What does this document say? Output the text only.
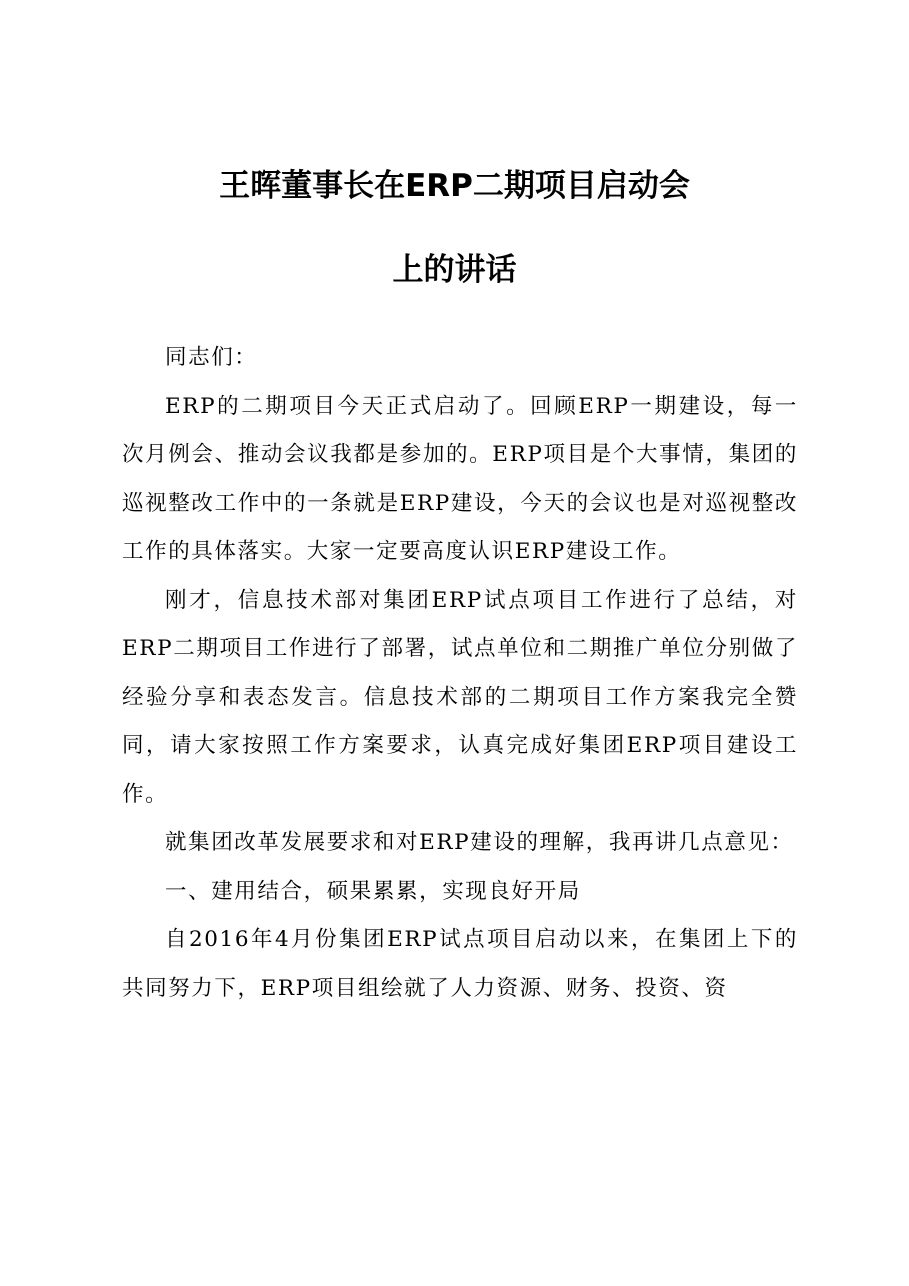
王晖董事长在ERP二期项目启动会
上的讲话

同志们：

ERP的二期项目今天正式启动了。回顾ERP一期建设，每一次月例会、推动会议我都是参加的。ERP项目是个大事情，集团的巡视整改工作中的一条就是ERP建设，今天的会议也是对巡视整改工作的具体落实。大家一定要高度认识ERP建设工作。

刚才，信息技术部对集团ERP试点项目工作进行了总结，对ERP二期项目工作进行了部署，试点单位和二期推广单位分别做了经验分享和表态发言。信息技术部的二期项目工作方案我完全赞同，请大家按照工作方案要求，认真完成好集团ERP项目建设工作。

就集团改革发展要求和对ERP建设的理解，我再讲几点意见：

一、建用结合，硕果累累，实现良好开局

自2016年4月份集团ERP试点项目启动以来，在集团上下的共同努力下，ERP项目组绘就了人力资源、财务、投资、资
